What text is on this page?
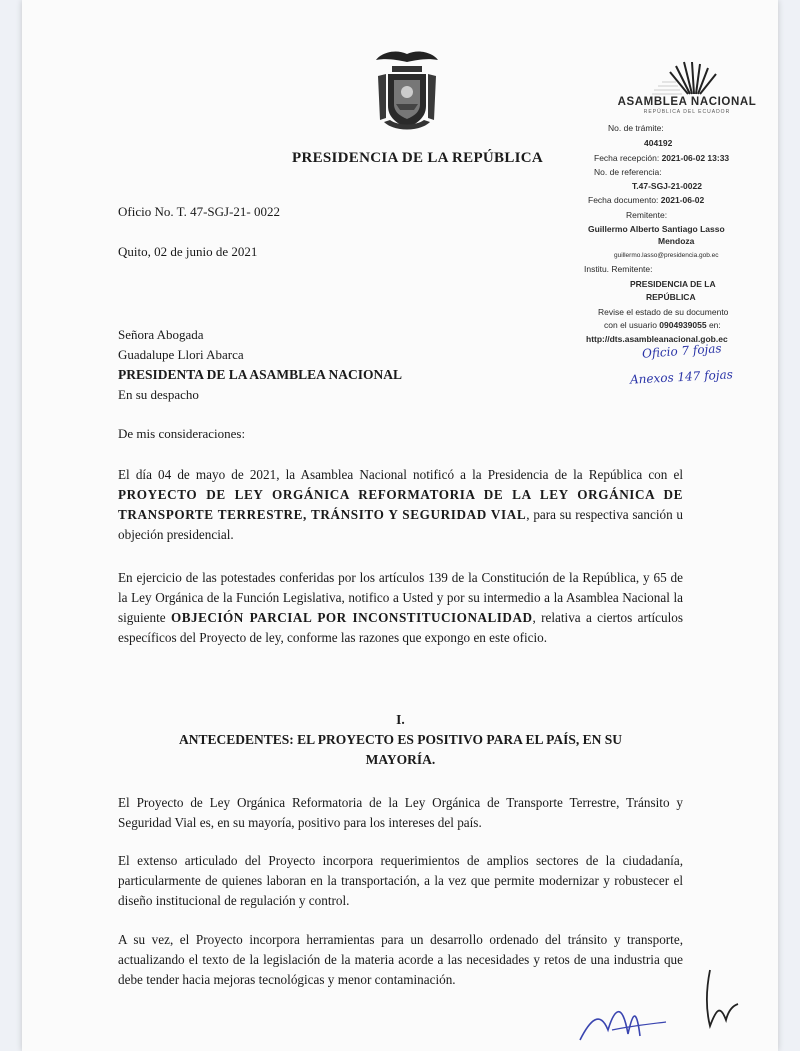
PRESIDENCIA DE LA REPÚBLICA
ASAMBLEA NACIONAL
REPÚBLICA DEL ECUADOR
No. de trámite:
404192
Fecha recepción: 2021-06-02 13:33
No. de referencia:
T.47-SGJ-21-0022
Fecha documento: 2021-06-02
Remitente:
Guillermo Alberto Santiago Lasso
Mendoza
guillermo.lasso@presidencia.gob.ec
Institu. Remitente:
PRESIDENCIA DE LA
REPÚBLICA
Revise el estado de su documento
con el usuario 0904939055 en:
http://dts.asambleanacional.gob.ec
Oficio 7 fojas
Anexos 147 fojas
Oficio No. T. 47-SGJ-21- 0022
Quito, 02 de junio de 2021
Señora Abogada
Guadalupe Llori Abarca
PRESIDENTA DE LA ASAMBLEA NACIONAL
En su despacho
De mis consideraciones:
El día 04 de mayo de 2021, la Asamblea Nacional notificó a la Presidencia de la República con el PROYECTO DE LEY ORGÁNICA REFORMATORIA DE LA LEY ORGÁNICA DE TRANSPORTE TERRESTRE, TRÁNSITO Y SEGURIDAD VIAL, para su respectiva sanción u objeción presidencial.
En ejercicio de las potestades conferidas por los artículos 139 de la Constitución de la República, y 65 de la Ley Orgánica de la Función Legislativa, notifico a Usted y por su intermedio a la Asamblea Nacional la siguiente OBJECIÓN PARCIAL POR INCONSTITUCIONALIDAD, relativa a ciertos artículos específicos del Proyecto de ley, conforme las razones que expongo en este oficio.
I.
ANTECEDENTES: EL PROYECTO ES POSITIVO PARA EL PAÍS, EN SU
MAYORÍA.
El Proyecto de Ley Orgánica Reformatoria de la Ley Orgánica de Transporte Terrestre, Tránsito y Seguridad Vial es, en su mayoría, positivo para los intereses del país.
El extenso articulado del Proyecto incorpora requerimientos de amplios sectores de la ciudadanía, particularmente de quienes laboran en la transportación, a la vez que permite modernizar y robustecer el diseño institucional de regulación y control.
A su vez, el Proyecto incorpora herramientas para un desarrollo ordenado del tránsito y transporte, actualizando el texto de la legislación de la materia acorde a las necesidades y retos de una industria que debe tender hacia mejoras tecnológicas y menor contaminación.
